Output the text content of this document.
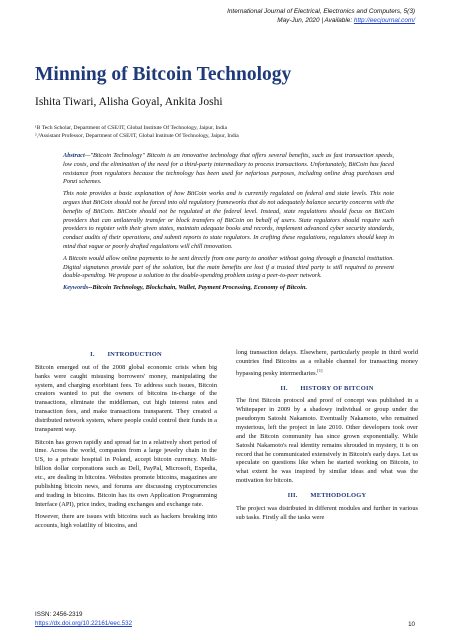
International Journal of Electrical, Electronics and Computers, 5(3)
May-Jun, 2020 | Available: http://eecjournal.com/
Minning of Bitcoin Technology
Ishita Tiwari, Alisha Goyal, Ankita Joshi
¹B Tech Scholar, Department of CSE/IT, Global Institute Of Technology, Jaipur, India
²,³Assistant Professor, Department of CSE/IT, Global Institute Of Technology, Jaipur, India

Abstract—"Bitcoin Technology" Bitcoin is an innovative technology that offers several benefits, such as fast transaction speeds, low costs, and the elimination of the need for a third-party intermediary to process transactions. Unfortunately, BitCoin has faced resistance from regulators because the technology has been used for nefarious purposes, including online drug purchases and Ponzi schemes.

This note provides a basic explanation of how BitCoin works and is currently regulated on federal and state levels. This note argues that BitCoin should not be forced into old regulatory frameworks that do not adequately balance security concerns with the benefits of BitCoin. BitCoin should not be regulated at the federal level. Instead, state regulations should focus on BitCoin providers that can unilaterally transfer or block transfers of BitCoin on behalf of users. State regulators should require such providers to register with their given states, maintain adequate books and records, implement advanced cyber security standards, conduct audits of their operations, and submit reports to state regulators. In crafting these regulations, regulators should keep in mind that vague or poorly drafted regulations will chill innovation.

A Bitcoin would allow online payments to be sent directly from one party to another without going through a financial institution. Digital signatures provide part of the solution, but the main benefits are lost if a trusted third party is still required to prevent double-spending. We propose a solution to the double-spending problem using a peer-to-peer network.

Keywords--Bitcoin Technology, Blockchain, Wallet, Payment Processing, Economy of Bitcoin.

I.       INTRODUCTION

Bitcoin emerged out of the 2008 global economic crisis when big banks were caught misusing borrowers' money, manipulating the system, and charging exorbitant fees. To address such issues, Bitcoin creators wanted to put the owners of bitcoins in-charge of the transactions, eliminate the middleman, cut high interest rates and transaction fees, and make transactions transparent. They created a distributed network system, where people could control their funds in a transparent way.

Bitcoin has grown rapidly and spread far in a relatively short period of time. Across the world, companies from a large jewelry chain in the US, to a private hospital in Poland, accept bitcoin currency. Multi-billion dollar corporations such as Dell, PayPal, Microsoft, Expedia, etc., are dealing in bitcoins. Websites promote bitcoins, magazines are publishing bitcoin news, and forums are discussing cryptocurrencies and trading in bitcoins. Bitcoin has its own Application Programming Interface (API), price index, trading exchanges and exchange rate.

However, there are issues with bitcoins such as hackers breaking into accounts, high volatility of bitcoins, and

long transaction delays. Elsewhere, particularly people in third world countries find Bitcoins as a reliable channel for transacting money bypassing pesky intermediaries.[1]

II.       HISTORY OF BITCOIN

The first Bitcoin protocol and proof of concept was published in a Whitepaper in 2009 by a shadowy individual or group under the pseudonym Satoshi Nakamoto. Eventually Nakamoto, who remained mysterious, left the project in late 2010. Other developers took over and the Bitcoin community has since grown exponentially. While Satoshi Nakamoto's real identity remains shrouded in mystery, it is on record that he communicated extensively in Bitcoin's early days. Let us speculate on questions like when he started working on Bitcoin, to what extent he was inspired by similar ideas and what was the motivation for bitcoin.

III.       METHODOLOGY

The project was distributed in different modules and further in various sub tasks. Firstly all the tasks were

ISSN: 2456-2319
https://dx.doi.org/10.22161/eec.532	10
